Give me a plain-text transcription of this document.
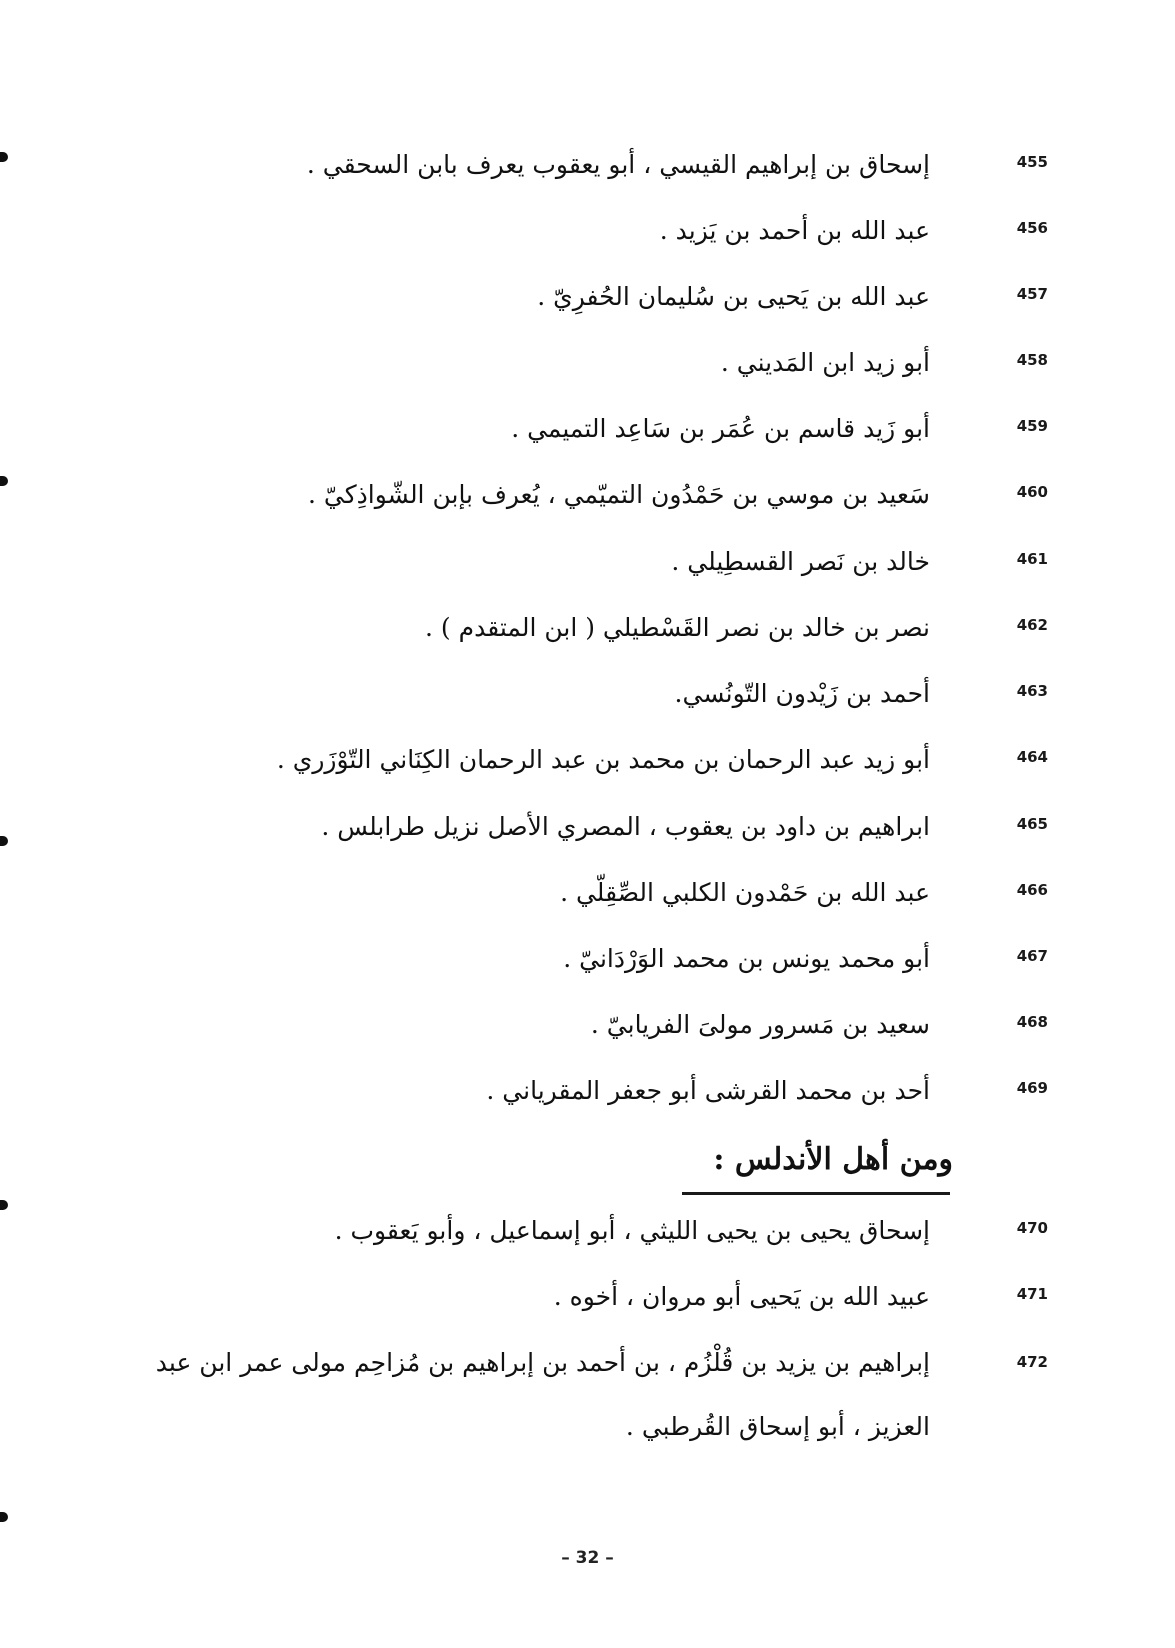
455
إسحاق بن إبراهيم القيسي ، أبو يعقوب يعرف بابن السحقي .
456
عبد الله بن أحمد بن يَزيد .
457
عبد الله بن يَحيى بن سُليمان الحُفرِيّ .
458
أبو زيد ابن المَديني .
459
أبو زَيد قاسم بن عُمَر بن سَاعِد التميمي .
460
سَعيد بن موسي بن حَمْدُون التميّمي ، يُعرف بإبن الشّواذِكيّ .
461
خالد بن نَصر القسطِيلي .
462
نصر بن خالد بن نصر القَسْطيلي ( ابن المتقدم ) .
463
أحمد بن زَيْدون التّونُسي.
464
أبو زيد عبد الرحمان بن محمد بن عبد الرحمان الكِنَاني التّوْزَري .
465
ابراهيم بن داود بن يعقوب ، المصري الأصل نزيل طرابلس .
466
عبد الله بن حَمْدون الكلبي الصِّقِلّي .
467
أبو محمد يونس بن محمد الوَرْدَانيّ .
468
سعيد بن مَسرور مولىَ الفريابيّ .
469
أحد بن محمد القرشى أبو جعفر المقرياني .
ومن أهل الأندلس :
470
إسحاق يحيى بن يحيى الليثي ، أبو إسماعيل ، وأبو يَعقوب .
471
عبيد الله بن يَحيى أبو مروان ، أخوه .
472
إبراهيم بن يزيد بن قُلْزُم ، بن أحمد بن إبراهيم بن مُزاحِم مولى عمر ابن عبد العزيز ، أبو إسحاق القُرطبي .
– 32 –
